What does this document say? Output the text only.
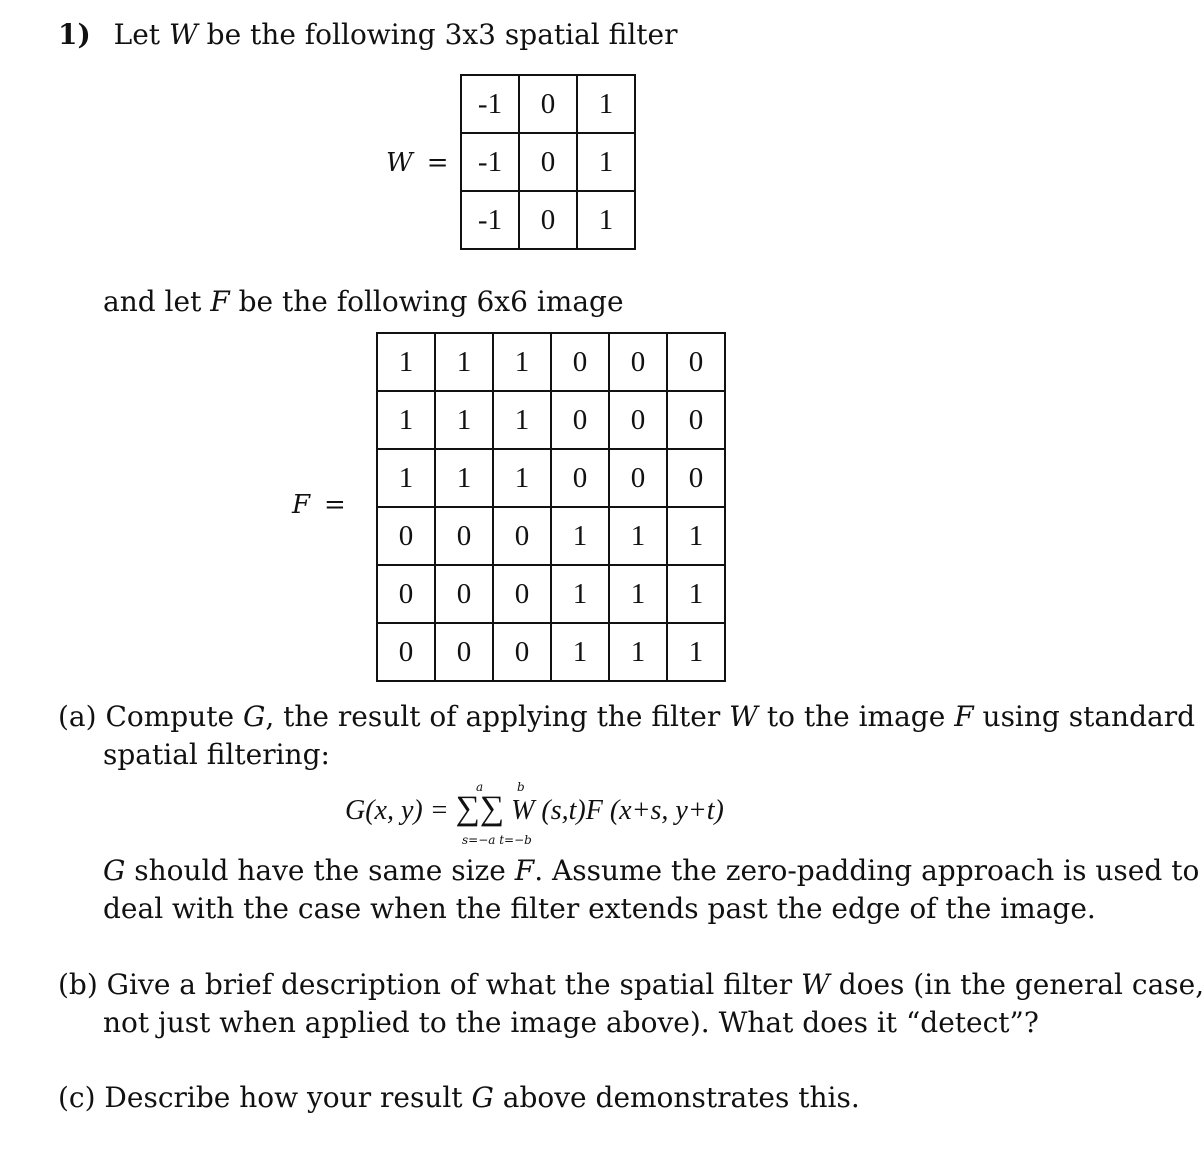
1) Let W be the following 3x3 spatial filter
W =
-1	0	1
-1	0	1
-1	0	1
and let F be the following 6x6 image
F =
1	1	1	0	0	0
1	1	1	0	0	0
1	1	1	0	0	0
0	0	0	1	1	1
0	0	0	1	1	1
0	0	0	1	1	1
(a) Compute G, the result of applying the filter W to the image F using standard
spatial filtering:
a	b
G(x, y) = ∑∑ W (s,t)F (x+s, y+t)
s=−a t=−b
G should have the same size F. Assume the zero-padding approach is used to
deal with the case when the filter extends past the edge of the image.
(b) Give a brief description of what the spatial filter W does (in the general case,
not just when applied to the image above). What does it “detect”?
(c) Describe how your result G above demonstrates this.
